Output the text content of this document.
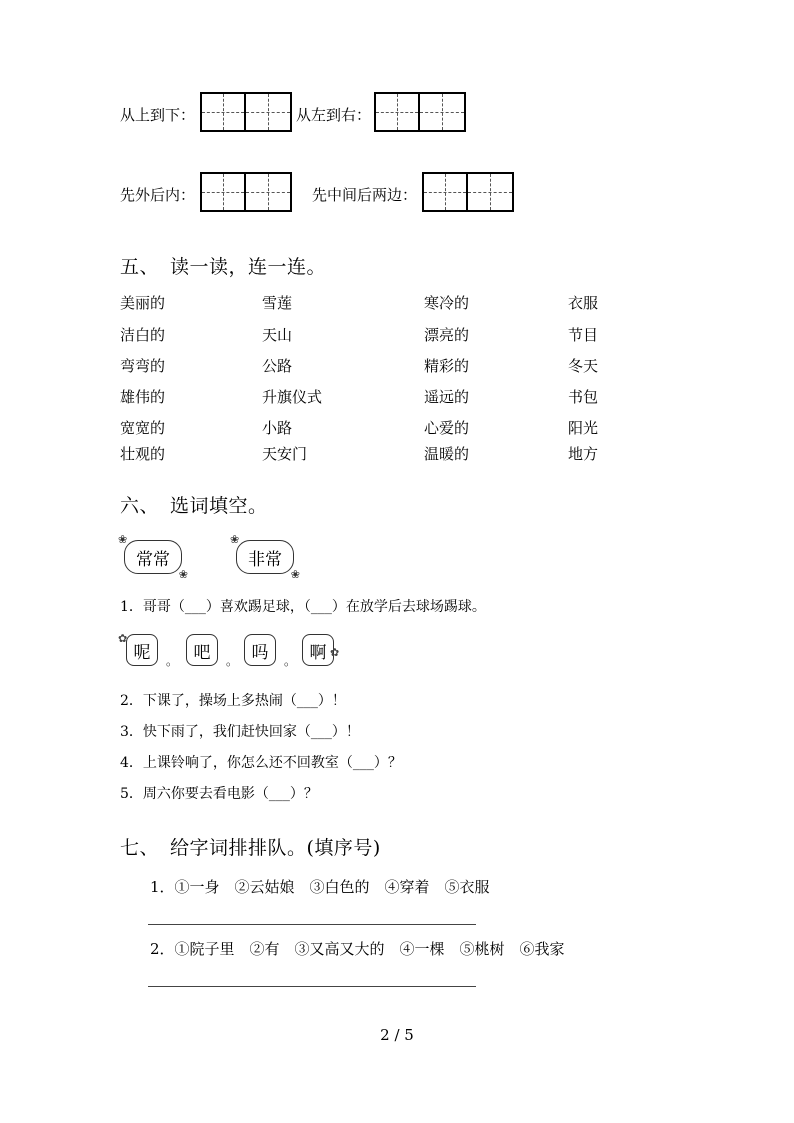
从上到下：	从左到右：
先外后内：	先中间后两边：
五、 读一读，连一连。
美丽的	雪莲	寒冷的	衣服
洁白的	天山	漂亮的	节目
弯弯的	公路	精彩的	冬天
雄伟的	升旗仪式	遥远的	书包
宽宽的	小路	心爱的	阳光
壮观的	天安门	温暖的	地方
六、 选词填空。
❀ 常常 ❀
❀	非常 ❀
1．哥哥（___）喜欢踢足球，（___）在放学后去球场踢球。
✿
呢	。 吧	。 吗	。 啊 ✿
2．下课了，操场上多热闹（___）！
3．快下雨了，我们赶快回家（___）！
4．上课铃响了，你怎么还不回教室（___）？
5．周六你要去看电影（___）？
七、 给字词排排队。(填序号)
1．①一身　②云姑娘　③白色的　④穿着　⑤衣服
2．①院子里　②有　③又高又大的　④一棵　⑤桃树　⑥我家
2 / 5
